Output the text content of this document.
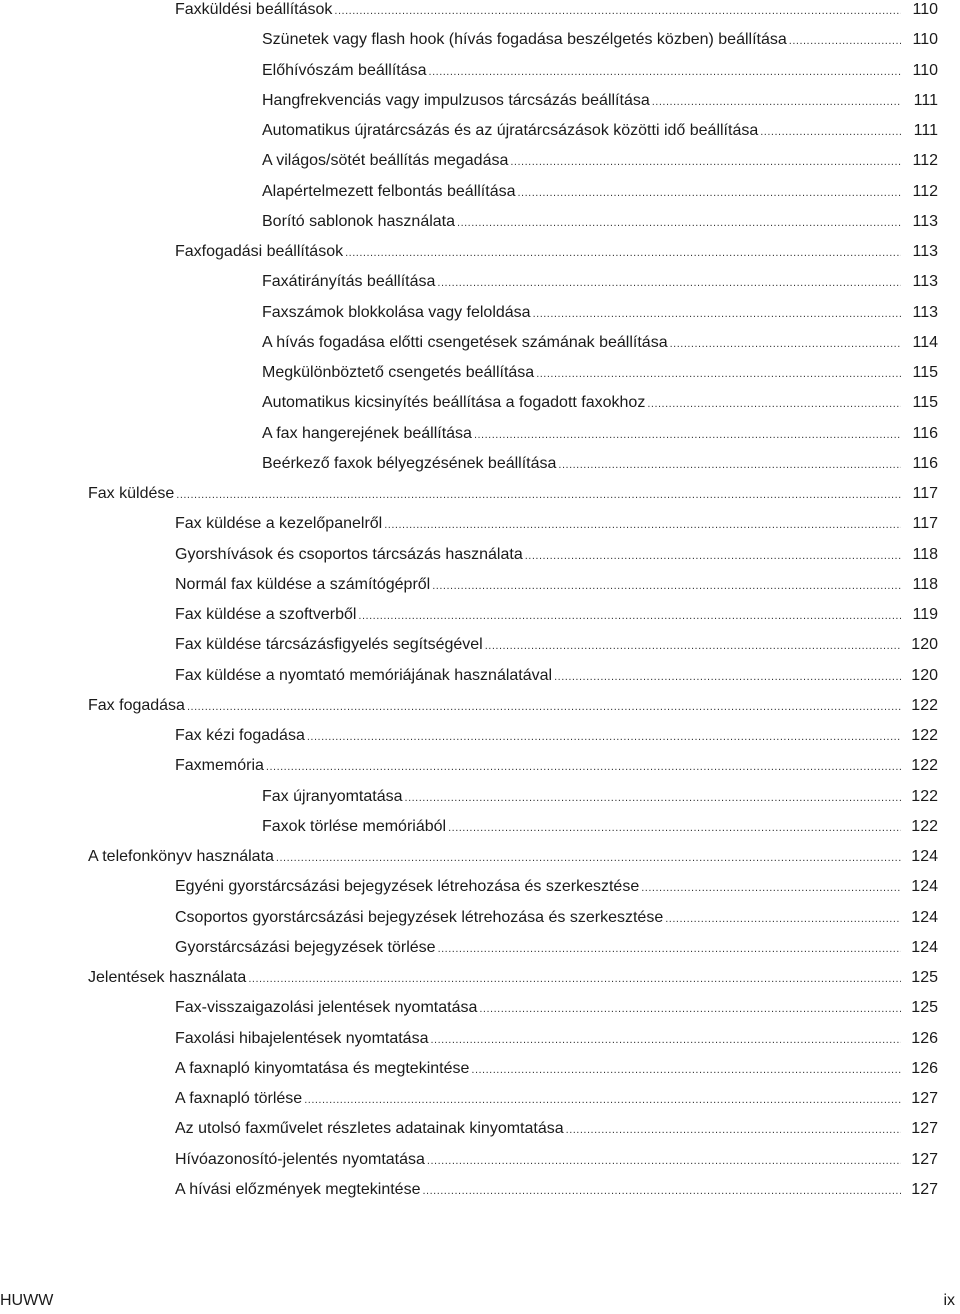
Faxküldési beállítások .....	110
Szünetek vagy flash hook (hívás fogadása beszélgetés közben) beállítása .....	110
Előhívószám beállítása .....	110
Hangfrekvenciás vagy impulzusos tárcsázás beállítása .....	111
Automatikus újratárcsázás és az újratárcsázások közötti idő beállítása .....	111
A világos/sötét beállítás megadása .....	112
Alapértelmezett felbontás beállítása .....	112
Borító sablonok használata .....	113
Faxfogadási beállítások .....	113
Faxátirányítás beállítása .....	113
Faxszámok blokkolása vagy feloldása .....	113
A hívás fogadása előtti csengetések számának beállítása .....	114
Megkülönböztető csengetés beállítása .....	115
Automatikus kicsinyítés beállítása a fogadott faxokhoz .....	115
A fax hangerejének beállítása .....	116
Beérkező faxok bélyegzésének beállítása .....	116
Fax küldése .....	117
Fax küldése a kezelőpanelről .....	117
Gyorshívások és csoportos tárcsázás használata .....	118
Normál fax küldése a számítógépről .....	118
Fax küldése a szoftverből .....	119
Fax küldése tárcsázásfigyelés segítségével .....	120
Fax küldése a nyomtató memóriájának használatával .....	120
Fax fogadása .....	122
Fax kézi fogadása .....	122
Faxmemória .....	122
Fax újranyomtatása .....	122
Faxok törlése memóriából .....	122
A telefonkönyv használata .....	124
Egyéni gyorstárcsázási bejegyzések létrehozása és szerkesztése .....	124
Csoportos gyorstárcsázási bejegyzések létrehozása és szerkesztése .....	124
Gyorstárcsázási bejegyzések törlése .....	124
Jelentések használata .....	125
Fax-visszaigazolási jelentések nyomtatása .....	125
Faxolási hibajelentések nyomtatása .....	126
A faxnapló kinyomtatása és megtekintése .....	126
A faxnapló törlése .....	127
Az utolsó faxművelet részletes adatainak kinyomtatása .....	127
Hívóazonosító-jelentés nyomtatása .....	127
A hívási előzmények megtekintése .....	127
HUWW	ix
